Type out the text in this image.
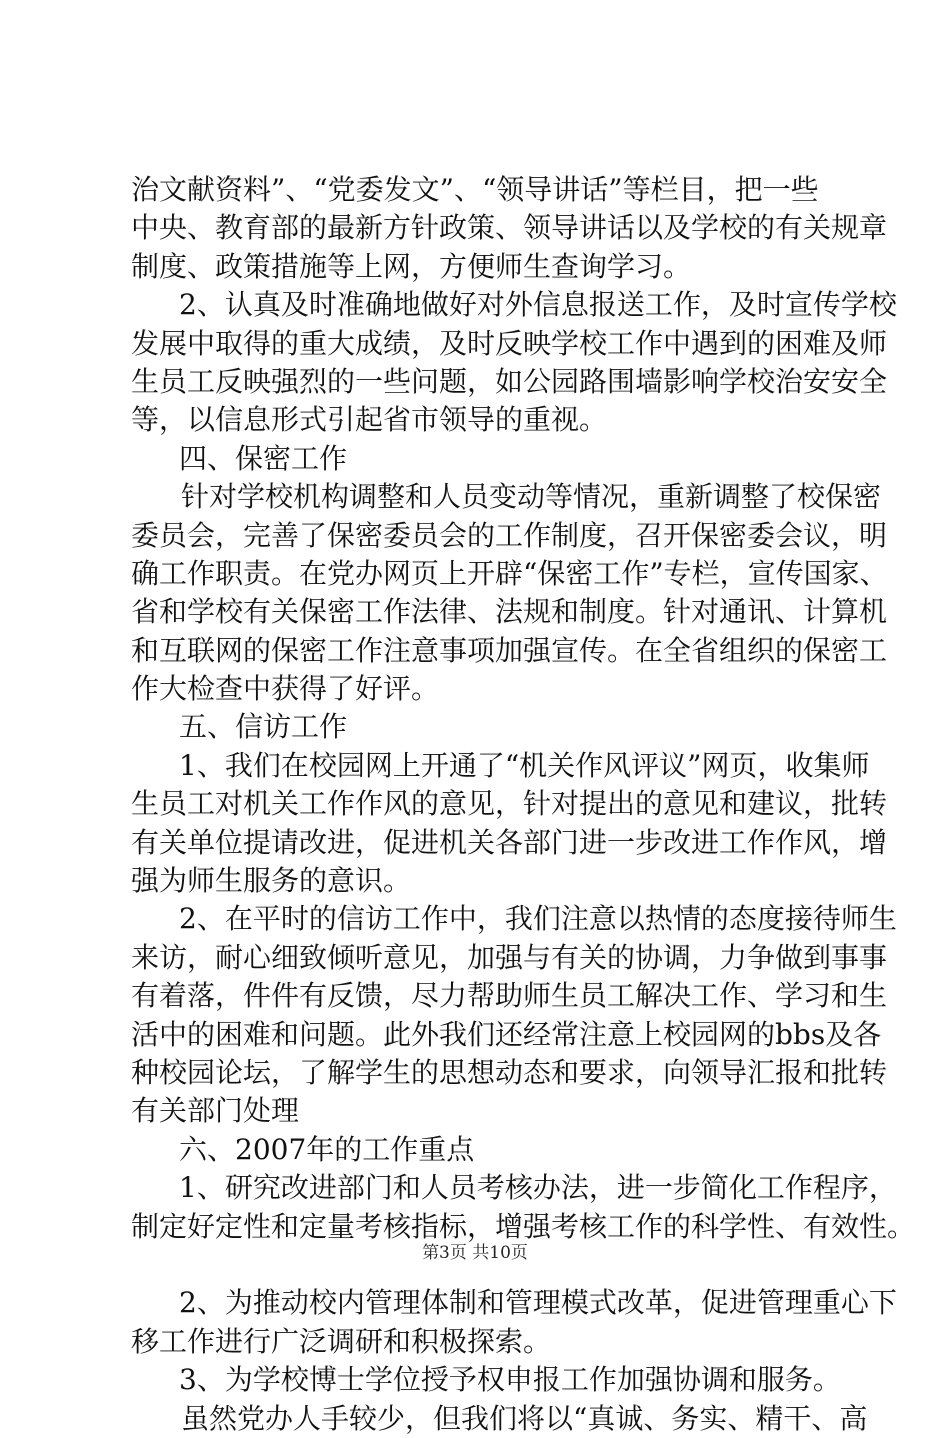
治文献资料”、“党委发文”、“领导讲话”等栏目，把一些
中央、教育部的最新方针政策、领导讲话以及学校的有关规章
制度、政策措施等上网，方便师生查询学习。
2、认真及时准确地做好对外信息报送工作，及时宣传学校
发展中取得的重大成绩，及时反映学校工作中遇到的困难及师
生员工反映强烈的一些问题，如公园路围墙影响学校治安安全
等，以信息形式引起省市领导的重视。
四、保密工作
针对学校机构调整和人员变动等情况，重新调整了校保密
委员会，完善了保密委员会的工作制度，召开保密委会议，明
确工作职责。在党办网页上开辟“保密工作”专栏，宣传国家、
省和学校有关保密工作法律、法规和制度。针对通讯、计算机
和互联网的保密工作注意事项加强宣传。在全省组织的保密工
作大检查中获得了好评。
五、信访工作
1、我们在校园网上开通了“机关作风评议”网页，收集师
生员工对机关工作作风的意见，针对提出的意见和建议，批转
有关单位提请改进，促进机关各部门进一步改进工作作风，增
强为师生服务的意识。
2、在平时的信访工作中，我们注意以热情的态度接待师生
来访，耐心细致倾听意见，加强与有关的协调，力争做到事事
有着落，件件有反馈，尽力帮助师生员工解决工作、学习和生
活中的困难和问题。此外我们还经常注意上校园网的bbs及各
种校园论坛，了解学生的思想动态和要求，向领导汇报和批转
有关部门处理
六、2007年的工作重点
1、研究改进部门和人员考核办法，进一步简化工作程序，
制定好定性和定量考核指标，增强考核工作的科学性、有效性。
2、为推动校内管理体制和管理模式改革，促进管理重心下
移工作进行广泛调研和积极探索。
3、为学校博士学位授予权申报工作加强协调和服务。
虽然党办人手较少，但我们将以“真诚、务实、精干、高
第3页 共10页
